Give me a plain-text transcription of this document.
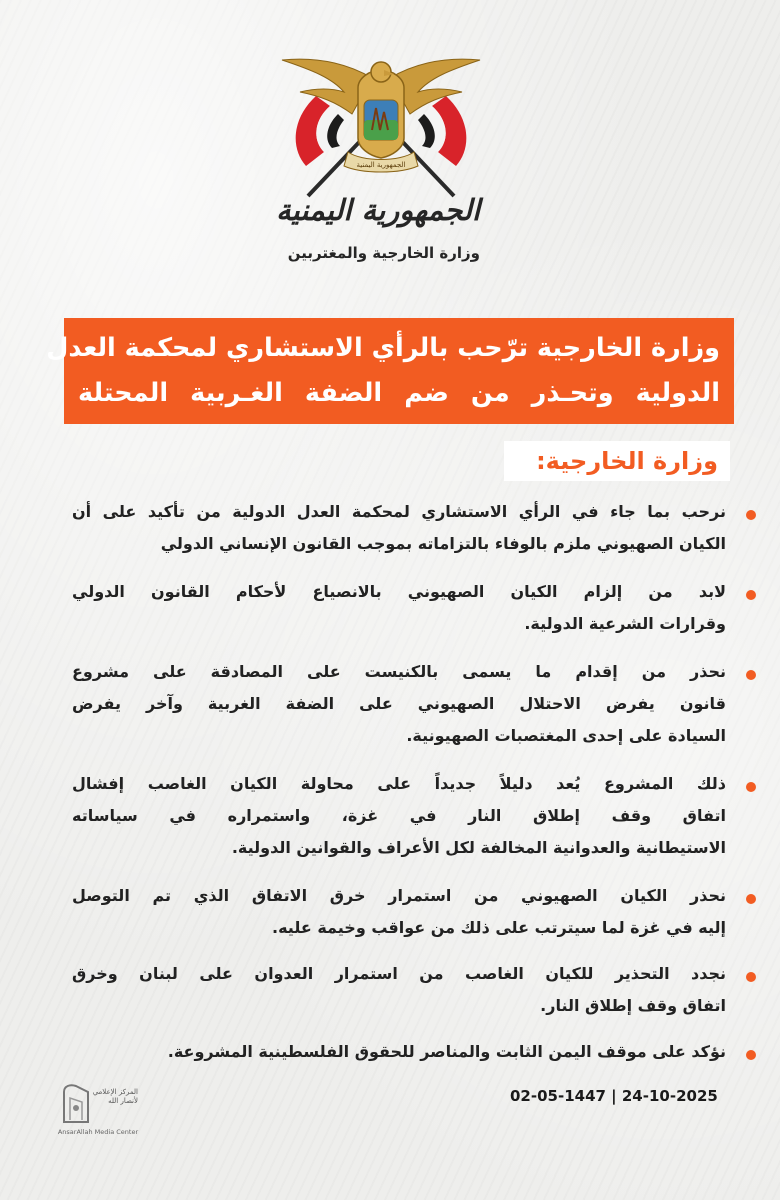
الجمهورية اليمنية
الجمهورية اليمنية
وزارة الخارجية والمغتربين
وزارة الخارجية ترّحب بالرأي الاستشاري لمحكمة العدل
الدولية وتحـذر من ضم الضفة الغـربية المحتلة
وزارة الخارجية:
نرحب بما جاء في الرأي الاستشاري لمحكمة العدل الدولية من تأكيد على أن
الكيان الصهيوني ملزم بالوفاء بالتزاماته بموجب القانون الإنساني الدولي
لابد من إلزام الكيان الصهيوني بالانصياع لأحكام القانون الدولي
وقرارات الشرعية الدولية.
نحذر من إقدام ما يسمى بالكنيست على المصادقة على مشروع
قانون يفرض الاحتلال الصهيوني على الضفة الغربية وآخر يفرض
السيادة على إحدى المغتصبات الصهيونية.
ذلك المشروع يُعد دليلاً جديداً على محاولة الكيان الغاصب إفشال
اتفاق وقف إطلاق النار في غزة، واستمراره في سياساته
الاستيطانية والعدوانية المخالفة لكل الأعراف والقوانين الدولية.
نحذر الكيان الصهيوني من استمرار خرق الاتفاق الذي تم التوصل
إليه في غزة لما سيترتب على ذلك من عواقب وخيمة عليه.
نجدد التحذير للكيان الغاصب من استمرار العدوان على لبنان وخرق
اتفاق وقف إطلاق النار.
نؤكد على موقف اليمن الثابت والمناصر للحقوق الفلسطينية المشروعة.
02-05-1447 | 24-10-2025
المركز الإعلامي لأنصار الله
AnsarAllah Media Center
